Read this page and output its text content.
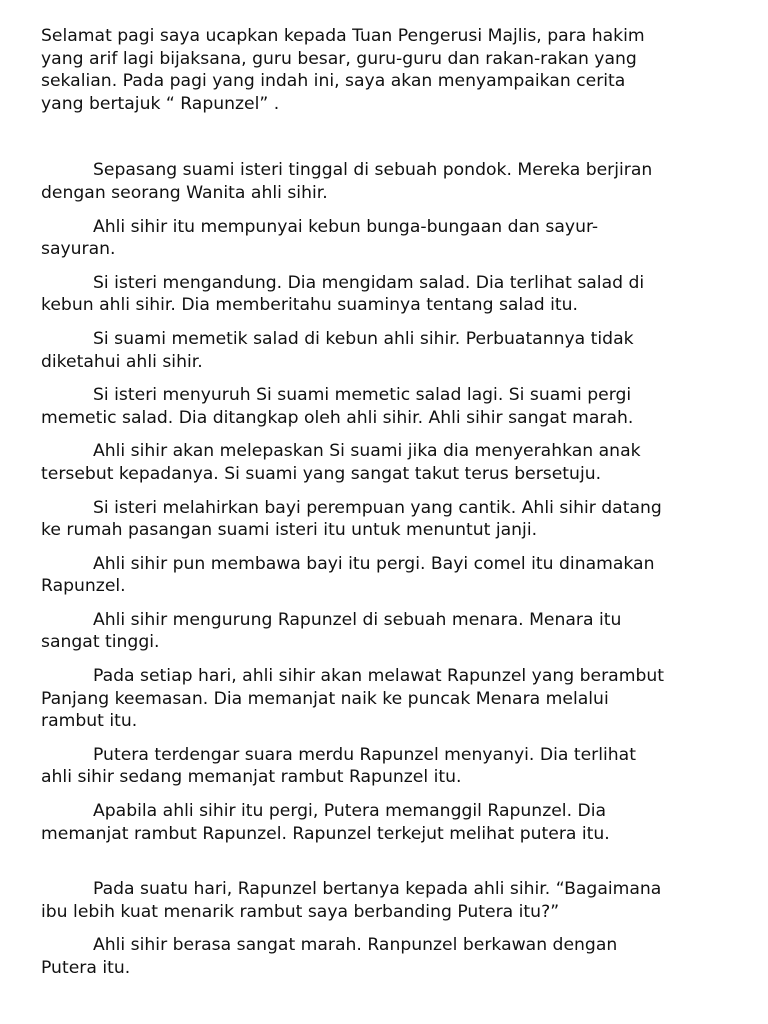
Selamat pagi saya ucapkan kepada Tuan Pengerusi Majlis, para hakim
yang arif lagi bijaksana, guru besar, guru-guru dan rakan-rakan yang
sekalian. Pada pagi yang indah ini, saya akan menyampaikan cerita
yang bertajuk “ Rapunzel” .

Sepasang suami isteri tinggal di sebuah pondok. Mereka berjiran
dengan seorang Wanita ahli sihir.

Ahli sihir itu mempunyai kebun bunga-bungaan dan sayur-
sayuran.

Si isteri mengandung. Dia mengidam salad. Dia terlihat salad di
kebun ahli sihir. Dia memberitahu suaminya tentang salad itu.

Si suami memetik salad di kebun ahli sihir. Perbuatannya tidak
diketahui ahli sihir.

Si isteri menyuruh Si suami memetic salad lagi. Si suami pergi
memetic salad. Dia ditangkap oleh ahli sihir. Ahli sihir sangat marah.

Ahli sihir akan melepaskan Si suami jika dia menyerahkan anak
tersebut kepadanya. Si suami yang sangat takut terus bersetuju.

Si isteri melahirkan bayi perempuan yang cantik. Ahli sihir datang
ke rumah pasangan suami isteri itu untuk menuntut janji.

Ahli sihir pun membawa bayi itu pergi. Bayi comel itu dinamakan
Rapunzel.

Ahli sihir mengurung Rapunzel di sebuah menara. Menara itu
sangat tinggi.

Pada setiap hari, ahli sihir akan melawat Rapunzel yang berambut
Panjang keemasan. Dia memanjat naik ke puncak Menara melalui
rambut itu.

Putera terdengar suara merdu Rapunzel menyanyi. Dia terlihat
ahli sihir sedang memanjat rambut Rapunzel itu.

Apabila ahli sihir itu pergi, Putera memanggil Rapunzel. Dia
memanjat rambut Rapunzel. Rapunzel terkejut melihat putera itu.

Pada suatu hari, Rapunzel bertanya kepada ahli sihir. “Bagaimana
ibu lebih kuat menarik rambut saya berbanding Putera itu?”

Ahli sihir berasa sangat marah. Ranpunzel berkawan dengan
Putera itu.
